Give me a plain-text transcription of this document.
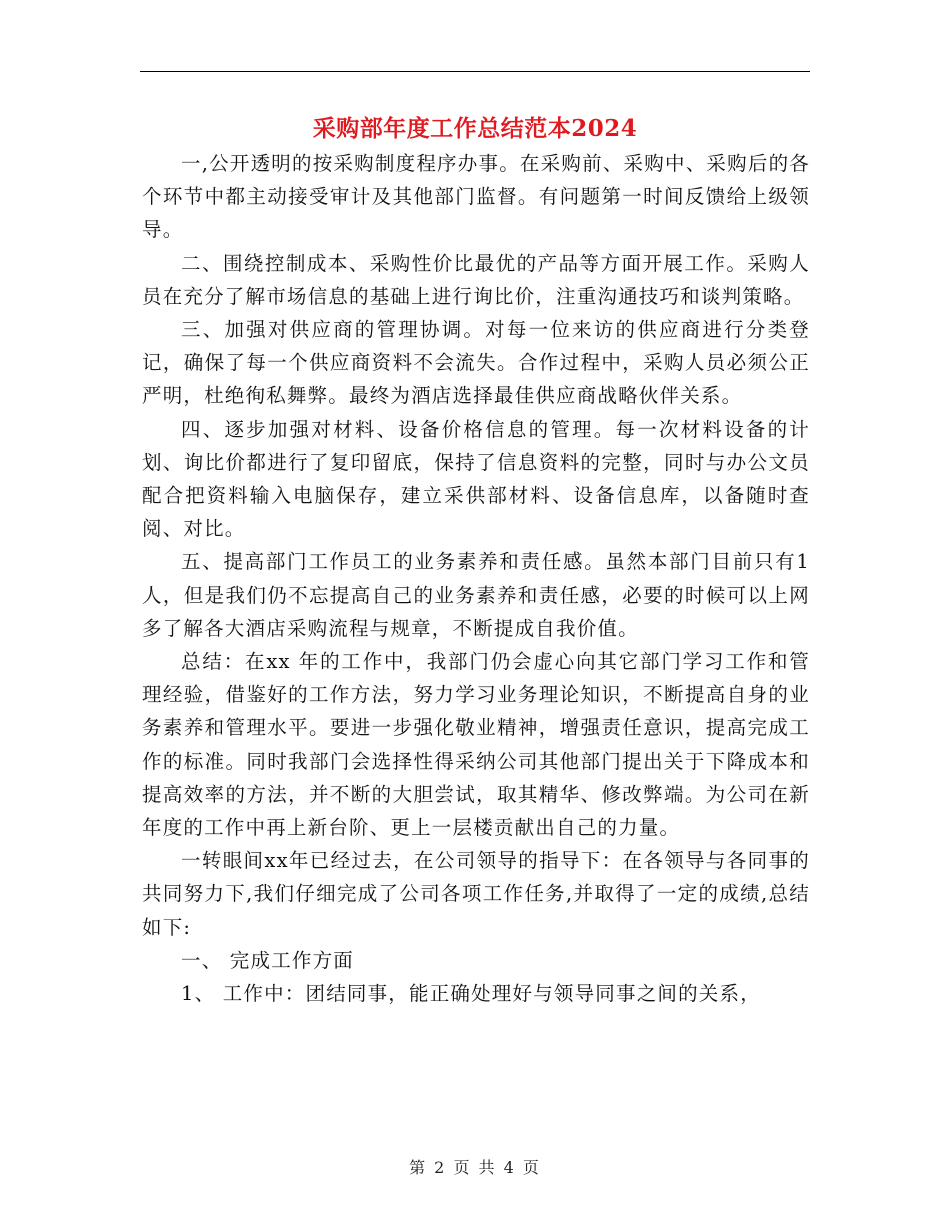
采购部年度工作总结范本2024

一,公开透明的按采购制度程序办事。在采购前、采购中、采购后的各个环节中都主动接受审计及其他部门监督。有问题第一时间反馈给上级领导。

二、围绕控制成本、采购性价比最优的产品等方面开展工作。采购人员在充分了解市场信息的基础上进行询比价，注重沟通技巧和谈判策略。

三、加强对供应商的管理协调。对每一位来访的供应商进行分类登记，确保了每一个供应商资料不会流失。合作过程中，采购人员必须公正严明，杜绝徇私舞弊。最终为酒店选择最佳供应商战略伙伴关系。

四、逐步加强对材料、设备价格信息的管理。每一次材料设备的计划、询比价都进行了复印留底，保持了信息资料的完整，同时与办公文员配合把资料输入电脑保存，建立采供部材料、设备信息库，以备随时查阅、对比。

五、提高部门工作员工的业务素养和责任感。虽然本部门目前只有1人，但是我们仍不忘提高自己的业务素养和责任感，必要的时候可以上网多了解各大酒店采购流程与规章，不断提成自我价值。

总结：在xx 年的工作中，我部门仍会虚心向其它部门学习工作和管理经验，借鉴好的工作方法，努力学习业务理论知识，不断提高自身的业务素养和管理水平。要进一步强化敬业精神，增强责任意识，提高完成工作的标准。同时我部门会选择性得采纳公司其他部门提出关于下降成本和提高效率的方法，并不断的大胆尝试，取其精华、修改弊端。为公司在新年度的工作中再上新台阶、更上一层楼贡献出自己的力量。

一转眼间xx年已经过去，在公司领导的指导下：在各领导与各同事的共同努力下,我们仔细完成了公司各项工作任务,并取得了一定的成绩,总结如下:

一、 完成工作方面

1、 工作中：团结同事，能正确处理好与领导同事之间的关系，

第 2 页 共 4 页
